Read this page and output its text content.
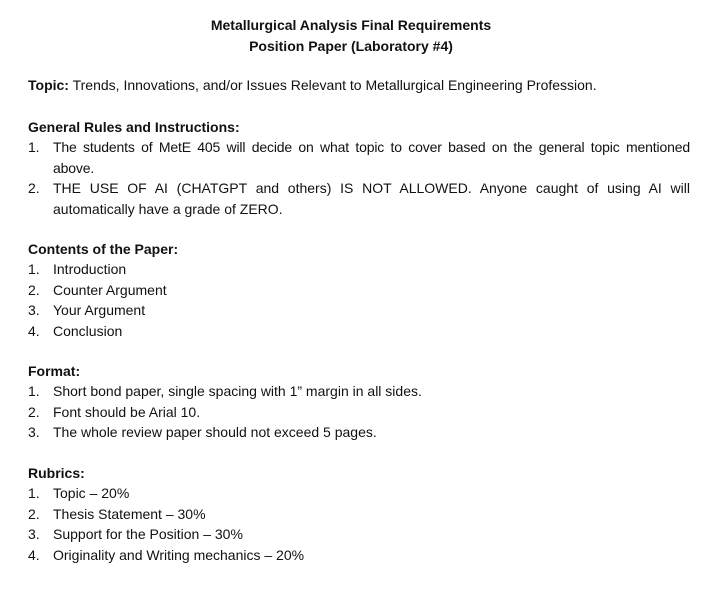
Metallurgical Analysis Final Requirements
Position Paper (Laboratory #4)
Topic: Trends, Innovations, and/or Issues Relevant to Metallurgical Engineering Profession.
General Rules and Instructions:
1. The students of MetE 405 will decide on what topic to cover based on the general topic mentioned above.
2. THE USE OF AI (CHATGPT and others) IS NOT ALLOWED. Anyone caught of using AI will automatically have a grade of ZERO.
Contents of the Paper:
1. Introduction
2. Counter Argument
3. Your Argument
4. Conclusion
Format:
1. Short bond paper, single spacing with 1” margin in all sides.
2. Font should be Arial 10.
3. The whole review paper should not exceed 5 pages.
Rubrics:
1. Topic – 20%
2. Thesis Statement – 30%
3. Support for the Position – 30%
4. Originality and Writing mechanics – 20%
